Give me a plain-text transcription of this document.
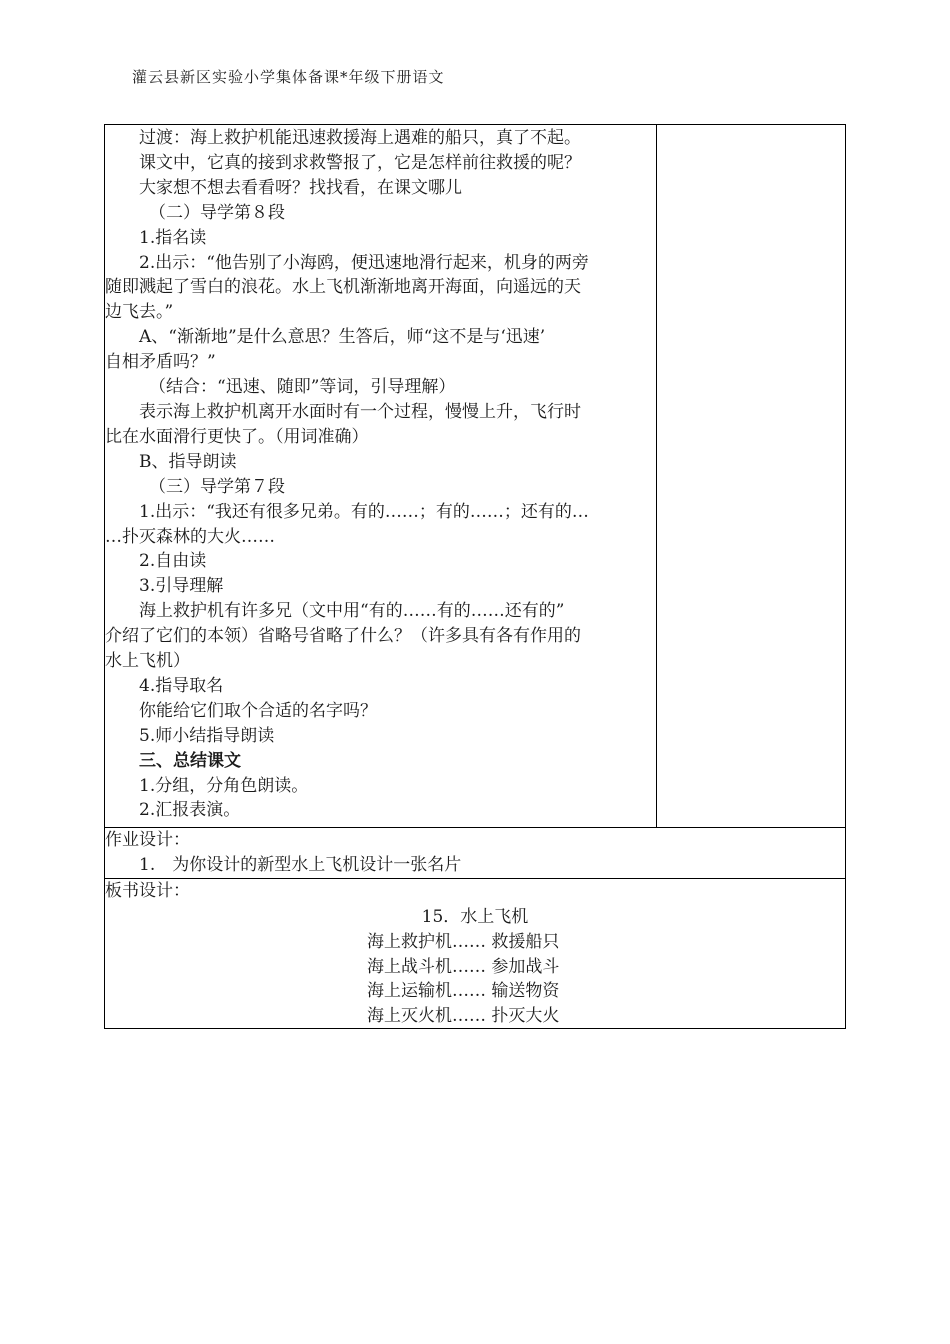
灌云县新区实验小学集体备课*年级下册语文
过渡：海上救护机能迅速救援海上遇难的船只，真了不起。
课文中，它真的接到求救警报了，它是怎样前往救援的呢？
大家想不想去看看呀？找找看，在课文哪儿
（二）导学第８段
1.指名读
2.出示：“他告别了小海鸥，便迅速地滑行起来，机身的两旁
随即溅起了雪白的浪花。水上飞机渐渐地离开海面，向遥远的天
边飞去。”
A、“渐渐地”是什么意思？生答后，师“这不是与‘迅速’
自相矛盾吗？”
（结合：“迅速、随即”等词，引导理解）
表示海上救护机离开水面时有一个过程，慢慢上升，飞行时
比在水面滑行更快了。（用词准确）
B、指导朗读
（三）导学第７段
1.出示：“我还有很多兄弟。有的……；有的……；还有的…
…扑灭森林的大火……
2.自由读
3.引导理解
海上救护机有许多兄（文中用“有的……有的……还有的”
介绍了它们的本领）省略号省略了什么？（许多具有各有作用的
水上飞机）
4.指导取名
你能给它们取个合适的名字吗？
5.师小结指导朗读
三、总结课文
1.分组，分角色朗读。
2.汇报表演。

作业设计：
1.　为你设计的新型水上飞机设计一张名片

板书设计：
15．水上飞机
海上救护机…… 救援船只
海上战斗机…… 参加战斗
海上运输机…… 输送物资
海上灭火机…… 扑灭大火
